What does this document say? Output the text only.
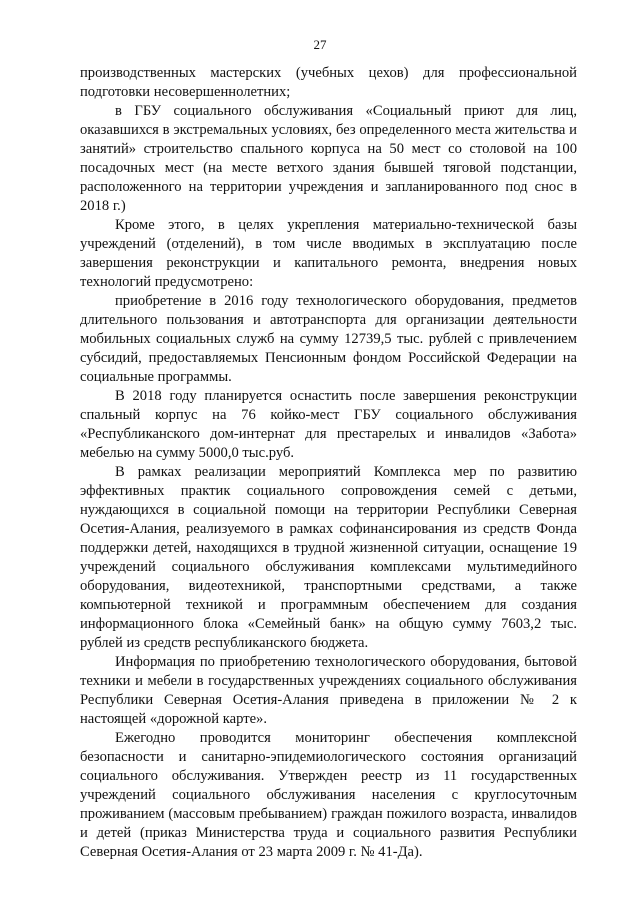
27

производственных мастерских (учебных цехов) для профессиональной подготовки несовершеннолетних;

в ГБУ социального обслуживания «Социальный приют для лиц, оказавшихся в экстремальных условиях, без определенного места жительства и занятий» строительство спального корпуса на 50 мест со столовой на 100 посадочных мест (на месте ветхого здания бывшей тяговой подстанции, расположенного на территории учреждения и запланированного под снос в 2018 г.)

Кроме этого, в целях укрепления материально-технической базы учреждений (отделений), в том числе вводимых в эксплуатацию после завершения реконструкции и капитального ремонта, внедрения новых технологий предусмотрено:

приобретение в 2016 году технологического оборудования, предметов длительного пользования и автотранспорта для организации деятельности мобильных социальных служб на сумму 12739,5 тыс. рублей с привлечением субсидий, предоставляемых Пенсионным фондом Российской Федерации на социальные программы.

В 2018 году планируется оснастить после завершения реконструкции спальный корпус на 76 койко-мест ГБУ социального обслуживания «Республиканского дом-интернат для престарелых и инвалидов «Забота» мебелью на сумму 5000,0 тыс.руб.

В рамках реализации мероприятий Комплекса мер по развитию эффективных практик социального сопровождения семей с детьми, нуждающихся в социальной помощи на территории Республики Северная Осетия-Алания, реализуемого в рамках софинансирования из средств Фонда поддержки детей, находящихся в трудной жизненной ситуации, оснащение 19 учреждений социального обслуживания комплексами мультимедийного оборудования, видеотехникой, транспортными средствами, а также компьютерной техникой и программным обеспечением для создания информационного блока «Семейный банк» на общую сумму 7603,2 тыс. рублей из средств республиканского бюджета.

Информация по приобретению технологического оборудования, бытовой техники и мебели в государственных учреждениях социального обслуживания Республики Северная Осетия-Алания приведена в приложении № 2 к настоящей «дорожной карте».

Ежегодно проводится мониторинг обеспечения комплексной безопасности и санитарно-эпидемиологического состояния организаций социального обслуживания. Утвержден реестр из 11 государственных учреждений социального обслуживания населения с круглосуточным проживанием (массовым пребыванием) граждан пожилого возраста, инвалидов и детей (приказ Министерства труда и социального развития Республики Северная Осетия-Алания от 23 марта 2009 г. № 41-Да).
